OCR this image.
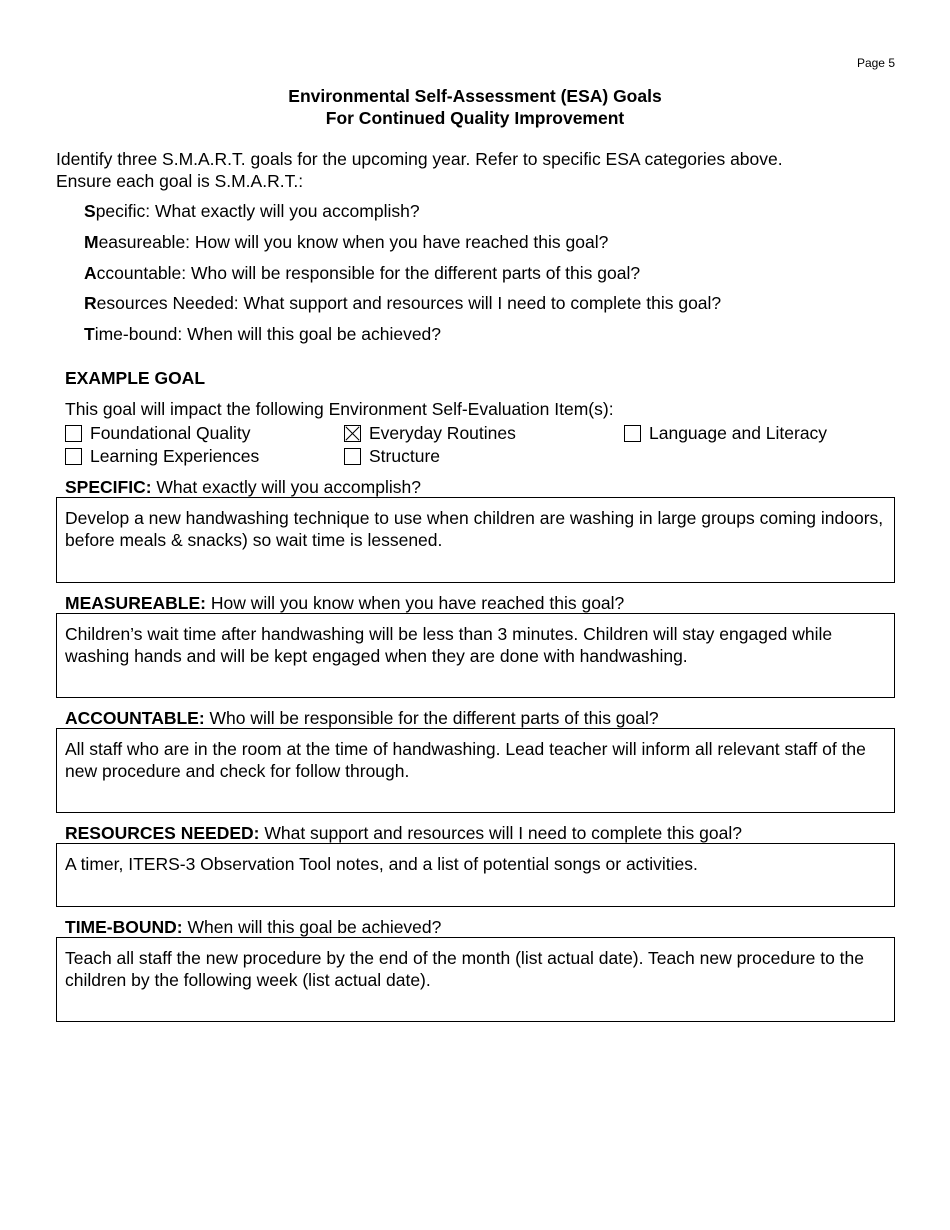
Page 5
Environmental Self-Assessment (ESA) Goals
For Continued Quality Improvement
Identify three S.M.A.R.T. goals for the upcoming year. Refer to specific ESA categories above.
Ensure each goal is S.M.A.R.T.:
Specific: What exactly will you accomplish?
Measureable: How will you know when you have reached this goal?
Accountable: Who will be responsible for the different parts of this goal?
Resources Needed: What support and resources will I need to complete this goal?
Time-bound: When will this goal be achieved?
EXAMPLE GOAL
This goal will impact the following Environment Self-Evaluation Item(s):
Foundational Quality	Everyday Routines	Language and Literacy
Learning Experiences	Structure
SPECIFIC: What exactly will you accomplish?
Develop a new handwashing technique to use when children are washing in large groups coming indoors, before meals & snacks) so wait time is lessened.
MEASUREABLE: How will you know when you have reached this goal?
Children’s wait time after handwashing will be less than 3 minutes. Children will stay engaged while washing hands and will be kept engaged when they are done with handwashing.
ACCOUNTABLE: Who will be responsible for the different parts of this goal?
All staff who are in the room at the time of handwashing. Lead teacher will inform all relevant staff of the new procedure and check for follow through.
RESOURCES NEEDED: What support and resources will I need to complete this goal?
A timer, ITERS-3 Observation Tool notes, and a list of potential songs or activities.
TIME-BOUND: When will this goal be achieved?
Teach all staff the new procedure by the end of the month (list actual date). Teach new procedure to the children by the following week (list actual date).
